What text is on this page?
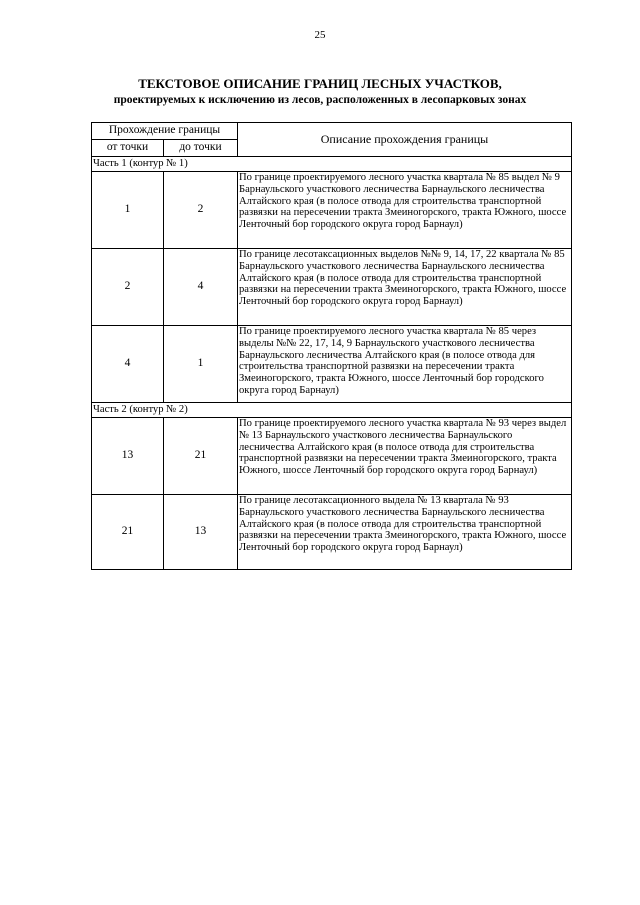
25
ТЕКСТОВОЕ ОПИСАНИЕ ГРАНИЦ ЛЕСНЫХ УЧАСТКОВ,
проектируемых к исключению из лесов, расположенных в лесопарковых зонах
Прохождение границы		Описание прохождения границы
от точки	до точки	
Часть 1 (контур № 1)		
1	2	По границе проектируемого лесного участка квартала № 85 выдел № 9 Барнаульского участкового лесничества Барнаульского лесничества Алтайского края (в полосе отвода для строительства транспортной развязки на пересечении тракта Змеиногорского, тракта Южного, шоссе Ленточный бор городского округа город Барнаул)
2	4	По границе лесотаксационных выделов №№ 9, 14, 17, 22 квартала № 85 Барнаульского участкового лесничества Барнаульского лесничества Алтайского края (в полосе отвода для строительства транспортной развязки на пересечении тракта Змеиногорского, тракта Южного, шоссе Ленточный бор городского округа город Барнаул)
4	1	По границе проектируемого лесного участка квартала № 85 через выделы №№ 22, 17, 14, 9 Барнаульского участкового лесничества Барнаульского лесничества Алтайского края (в полосе отвода для строительства транспортной развязки на пересечении тракта Змеиногорского, тракта Южного, шоссе Ленточный бор городского округа город Барнаул)
Часть 2 (контур № 2)		
13	21	По границе проектируемого лесного участка квартала № 93 через выдел № 13 Барнаульского участкового лесничества Барнаульского лесничества Алтайского края (в полосе отвода для строительства транспортной развязки на пересечении тракта Змеиногорского, тракта Южного, шоссе Ленточный бор городского округа город Барнаул)
21	13	По границе лесотаксационного выдела № 13 квартала № 93 Барнаульского участкового лесничества Барнаульского лесничества Алтайского края (в полосе отвода для строительства транспортной развязки на пересечении тракта Змеиногорского, тракта Южного, шоссе Ленточный бор городского округа город Барнаул)
